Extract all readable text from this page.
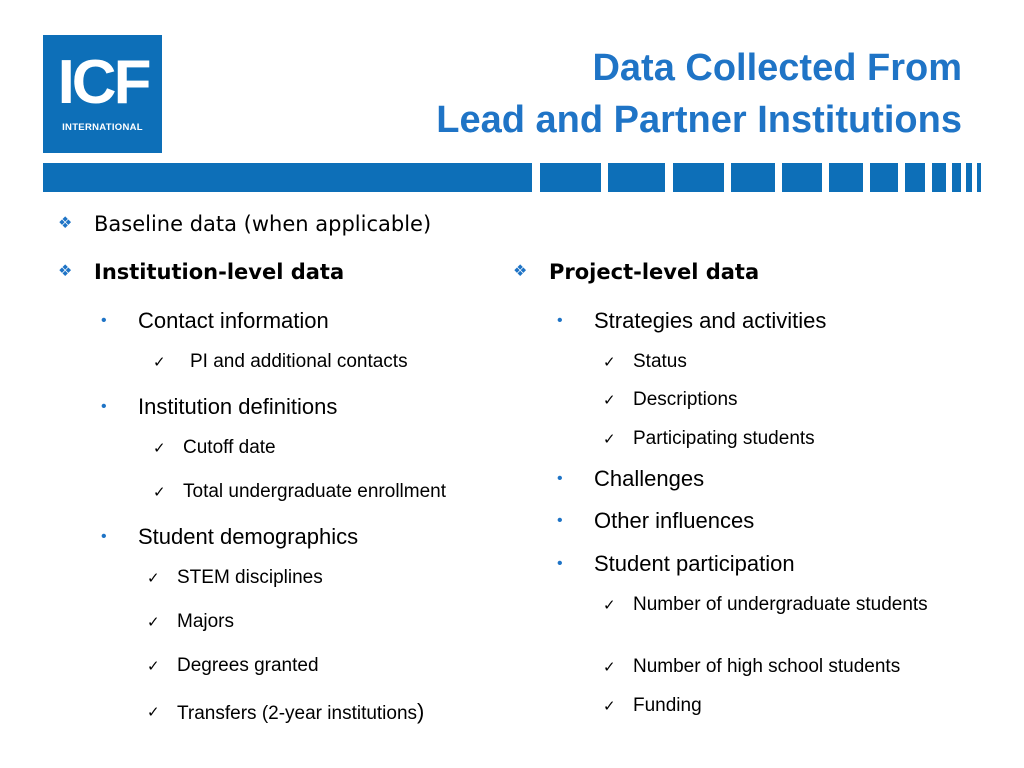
ICF
INTERNATIONAL
Data Collected From
Lead and Partner Institutions
❖ Baseline data (when applicable)
❖ Institution-level data	❖ Project-level data
• Contact information
✓ PI and additional contacts
• Institution definitions
✓ Cutoff date
✓ Total undergraduate enrollment
• Student demographics
✓ STEM disciplines
✓ Majors
✓ Degrees granted
✓ Transfers (2-year institutions)
• Strategies and activities
✓ Status
✓ Descriptions
✓ Participating students
• Challenges
• Other influences
• Student participation
✓ Number of undergraduate students
✓ Number of high school students
✓ Funding
